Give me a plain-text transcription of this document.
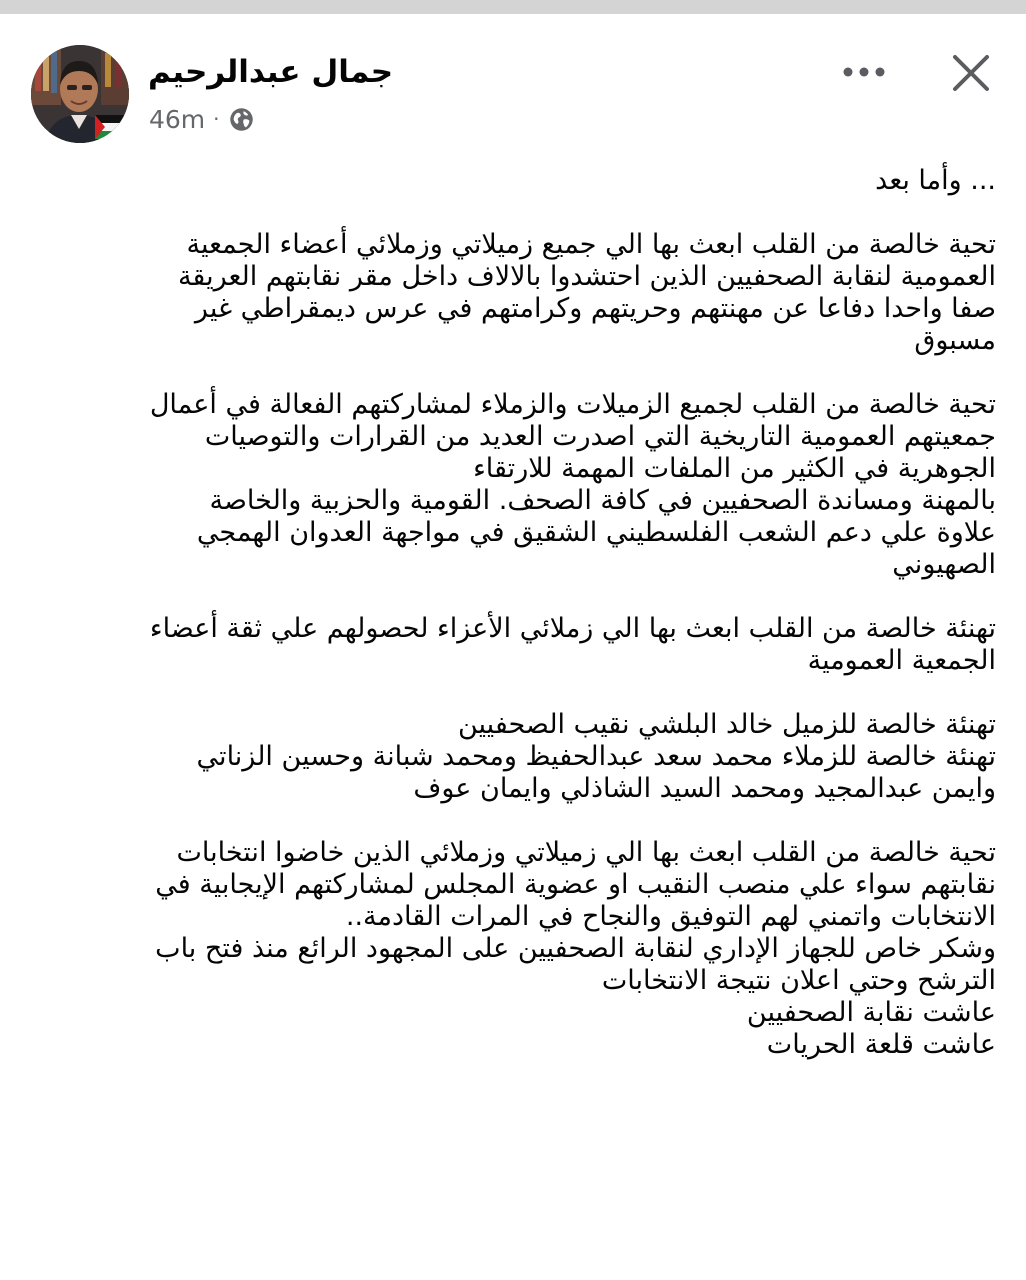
جمال عبدالرحيم
46m ·
... وأما بعد
تحية خالصة من القلب ابعث بها الي جميع زميلاتي وزملائي أعضاء الجمعية
العمومية لنقابة الصحفيين الذين احتشدوا بالالاف داخل مقر نقابتهم العريقة
صفا واحدا دفاعا عن مهنتهم وحريتهم وكرامتهم في عرس ديمقراطي غير
مسبوق
تحية خالصة من القلب لجميع الزميلات والزملاء لمشاركتهم الفعالة في أعمال
جمعيتهم العمومية التاريخية التي اصدرت العديد من القرارات والتوصيات
الجوهرية في الكثير من الملفات المهمة للارتقاء
بالمهنة ومساندة الصحفيين في كافة الصحف. القومية والحزبية والخاصة
علاوة علي دعم الشعب الفلسطيني الشقيق في مواجهة العدوان الهمجي
الصهيوني
تهنئة خالصة من القلب ابعث بها الي زملائي الأعزاء لحصولهم علي ثقة أعضاء
الجمعية العمومية
تهنئة خالصة للزميل خالد البلشي نقيب الصحفيين
تهنئة خالصة للزملاء محمد سعد عبدالحفيظ ومحمد شبانة وحسين الزناتي
وايمن عبدالمجيد ومحمد السيد الشاذلي وايمان عوف
تحية خالصة من القلب ابعث بها الي زميلاتي وزملائي الذين خاضوا انتخابات
نقابتهم سواء علي منصب النقيب او عضوية المجلس لمشاركتهم الإيجابية في
الانتخابات واتمني لهم التوفيق والنجاح في المرات القادمة..
وشكر خاص للجهاز الإداري لنقابة الصحفيين على المجهود الرائع منذ فتح باب
الترشح وحتي اعلان نتيجة الانتخابات
عاشت نقابة الصحفيين
عاشت قلعة الحريات
